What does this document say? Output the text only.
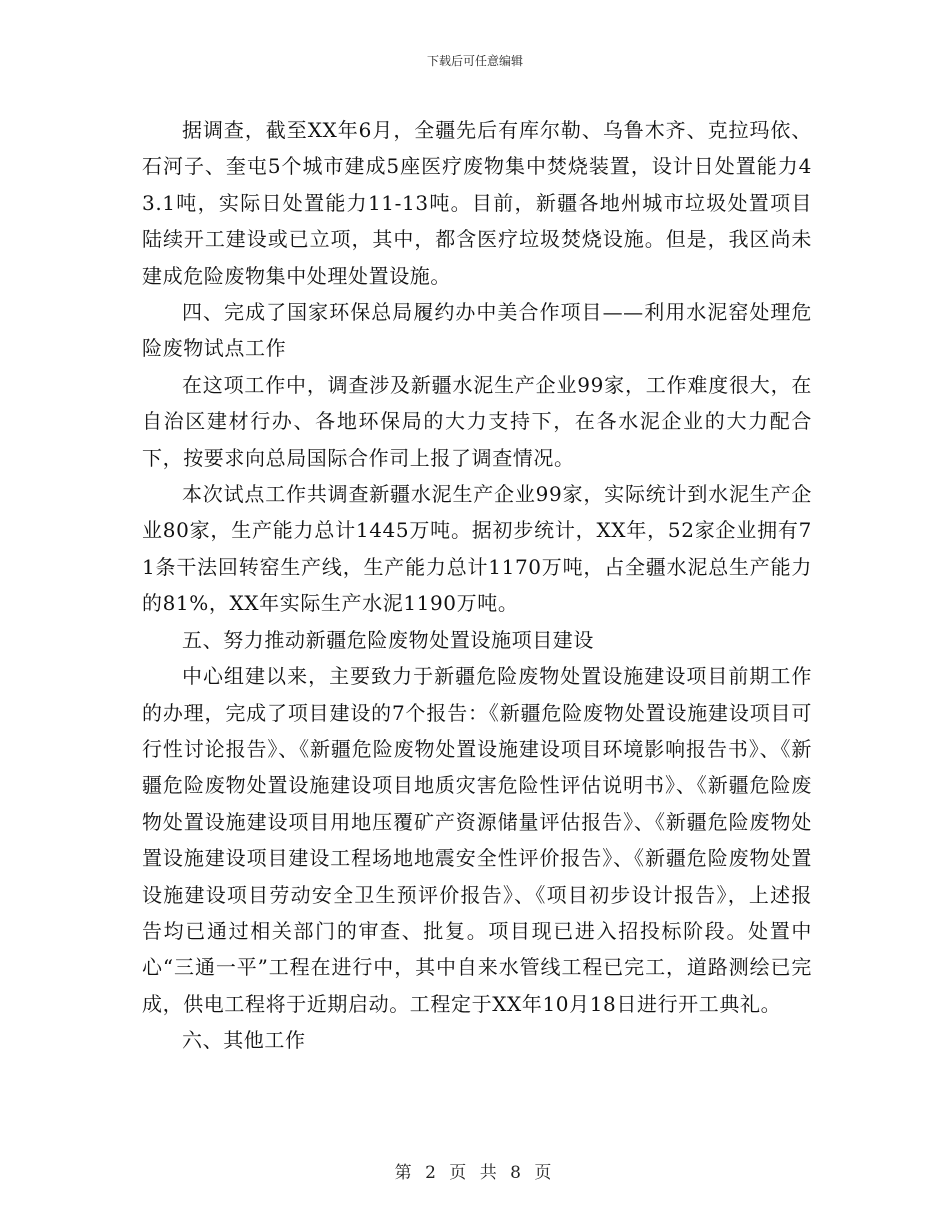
下载后可任意编辑

据调查，截至XX年6月，全疆先后有库尔勒、乌鲁木齐、克拉玛依、石河子、奎屯5个城市建成5座医疗废物集中焚烧装置，设计日处置能力43.1吨，实际日处置能力11-13吨。目前，新疆各地州城市垃圾处置项目陆续开工建设或已立项，其中，都含医疗垃圾焚烧设施。但是，我区尚未建成危险废物集中处理处置设施。

四、完成了国家环保总局履约办中美合作项目——利用水泥窑处理危险废物试点工作

在这项工作中，调查涉及新疆水泥生产企业99家，工作难度很大，在自治区建材行办、各地环保局的大力支持下，在各水泥企业的大力配合下，按要求向总局国际合作司上报了调查情况。

本次试点工作共调查新疆水泥生产企业99家，实际统计到水泥生产企业80家，生产能力总计1445万吨。据初步统计，XX年，52家企业拥有71条干法回转窑生产线，生产能力总计1170万吨，占全疆水泥总生产能力的81%，XX年实际生产水泥1190万吨。

五、努力推动新疆危险废物处置设施项目建设

中心组建以来，主要致力于新疆危险废物处置设施建设项目前期工作的办理，完成了项目建设的7个报告：《新疆危险废物处置设施建设项目可行性讨论报告》、《新疆危险废物处置设施建设项目环境影响报告书》、《新疆危险废物处置设施建设项目地质灾害危险性评估说明书》、《新疆危险废物处置设施建设项目用地压覆矿产资源储量评估报告》、《新疆危险废物处置设施建设项目建设工程场地地震安全性评价报告》、《新疆危险废物处置设施建设项目劳动安全卫生预评价报告》、《项目初步设计报告》，上述报告均已通过相关部门的审查、批复。项目现已进入招投标阶段。处置中心“三通一平”工程在进行中，其中自来水管线工程已完工，道路测绘已完成，供电工程将于近期启动。工程定于XX年10月18日进行开工典礼。

六、其他工作

第 2 页 共 8 页
